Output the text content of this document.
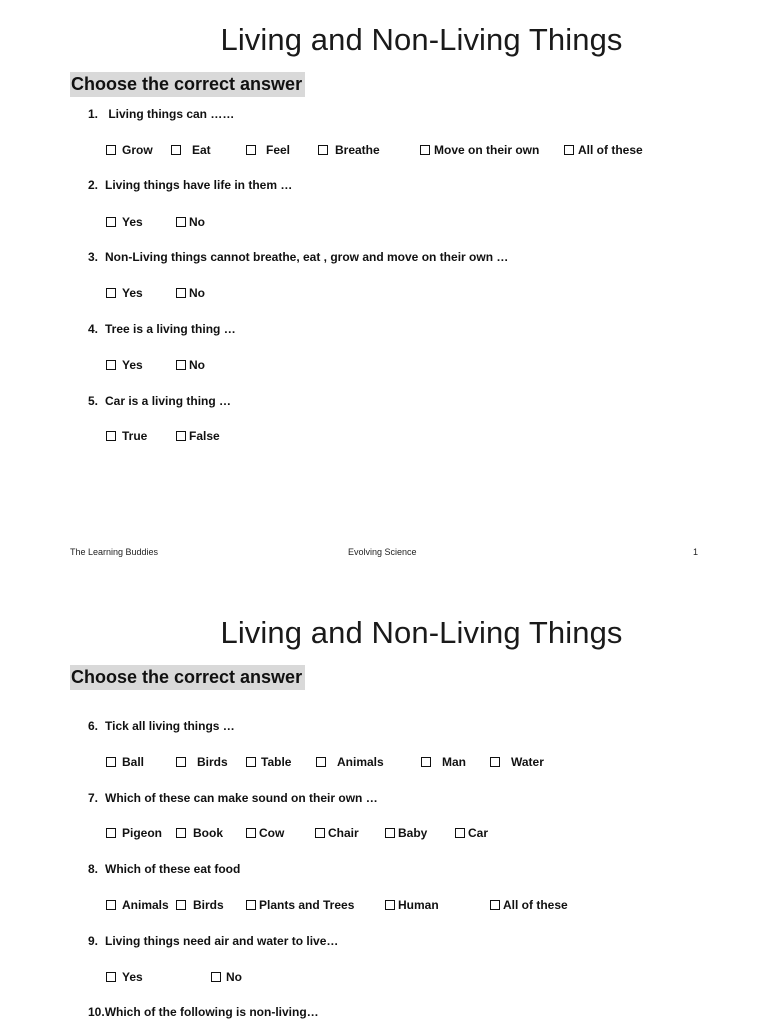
Living and Non-Living Things
Choose the correct answer
1. Living things can ……
Grow	Eat	Feel	Breathe	Move on their own	All of these
2. Living things have life in them …
Yes	No
3. Non-Living things cannot breathe, eat , grow and move on their own …
Yes	No
4. Tree is a living thing …
Yes	No
5. Car is a living thing …
True	False
The Learning Buddies	Evolving Science	1
Living and Non-Living Things
Choose the correct answer
6. Tick all living things …
Ball	Birds	Table	Animals	Man	Water
7. Which of these can make sound on their own …
Pigeon	Book	Cow	Chair	Baby	Car
8. Which of these eat food
Animals Birds	Plants and Trees	Human	All of these
9. Living things need air and water to live…
Yes	No
10.Which of the following is non-living…
